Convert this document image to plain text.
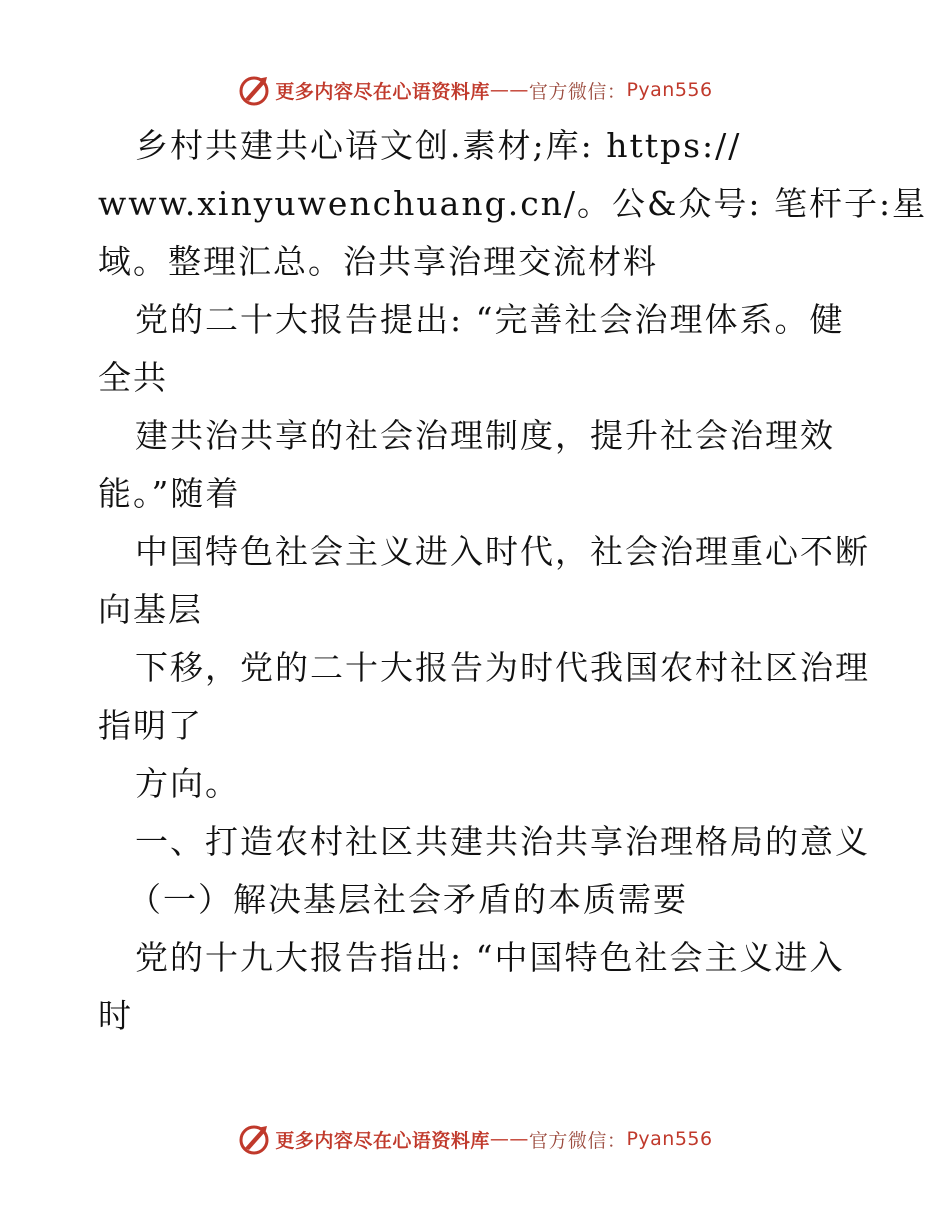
更多内容尽在心语资料库 —— 官方微信： Pyan556
乡村共建共心语文创.素材;库: https://
www.xinyuwenchuang.cn/。公&众号: 笔杆子:星
域。整理汇总。治共享治理交流材料
党的二十大报告提出: “完善社会治理体系。健
全共
建共治共享的社会治理制度，提升社会治理效
能。”随着
中国特色社会主义进入时代，社会治理重心不断
向基层
下移，党的二十大报告为时代我国农村社区治理
指明了
方向。
一、打造农村社区共建共治共享治理格局的意义
（一）解决基层社会矛盾的本质需要
党的十九大报告指出: “中国特色社会主义进入
时
更多内容尽在心语资料库 —— 官方微信： Pyan556
